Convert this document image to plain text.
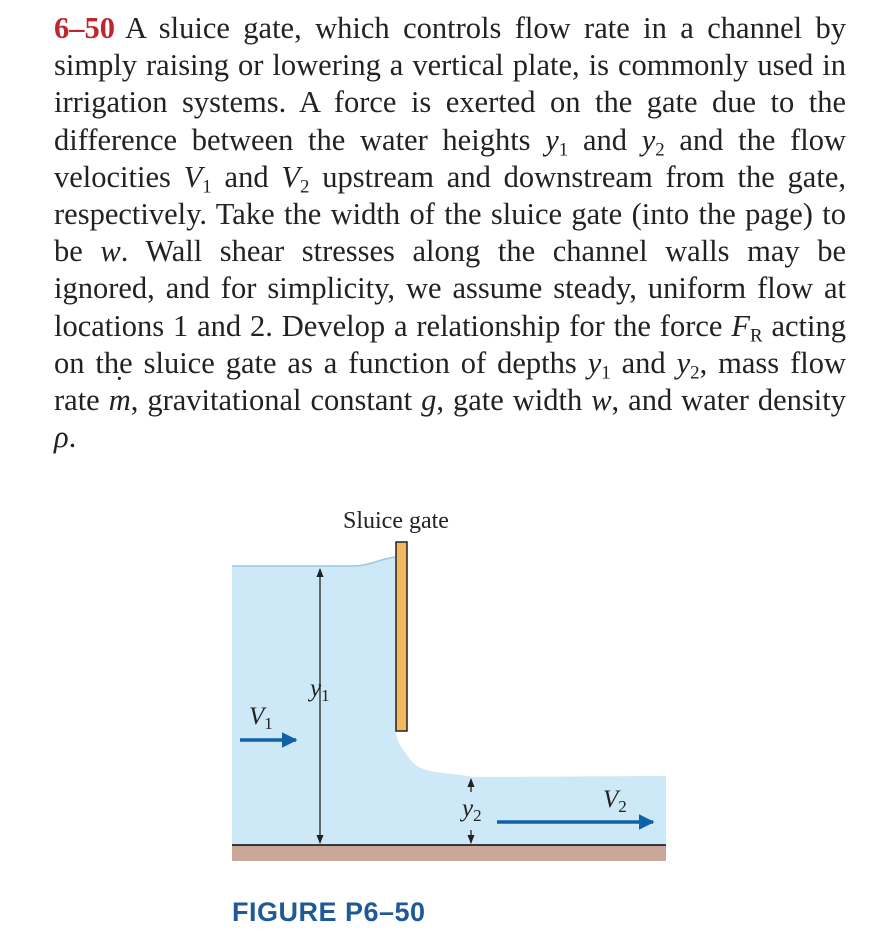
6–50 A sluice gate, which controls flow rate in a channel by simply raising or lowering a vertical plate, is commonly used in irrigation systems. A force is exerted on the gate due to the difference between the water heights $y_1$ and $y_2$ and the flow velocities $V_1$ and $V_2$ upstream and downstream from the gate, respectively. Take the width of the sluice gate (into the page) to be w. Wall shear stresses along the channel walls may be ignored, and for simplicity, we assume steady, uniform flow at locations 1 and 2. Develop a relationship for the force $F_R$ acting on the sluice gate as a function of depths $y_1$ and $y_2$, mass flow rate m ˙, gravitational constant g, gate width w, and water density ρ.
Sluice gate
$y_1$
$V_1$
$y_2$
$V_2$
FIGURE P6–50
